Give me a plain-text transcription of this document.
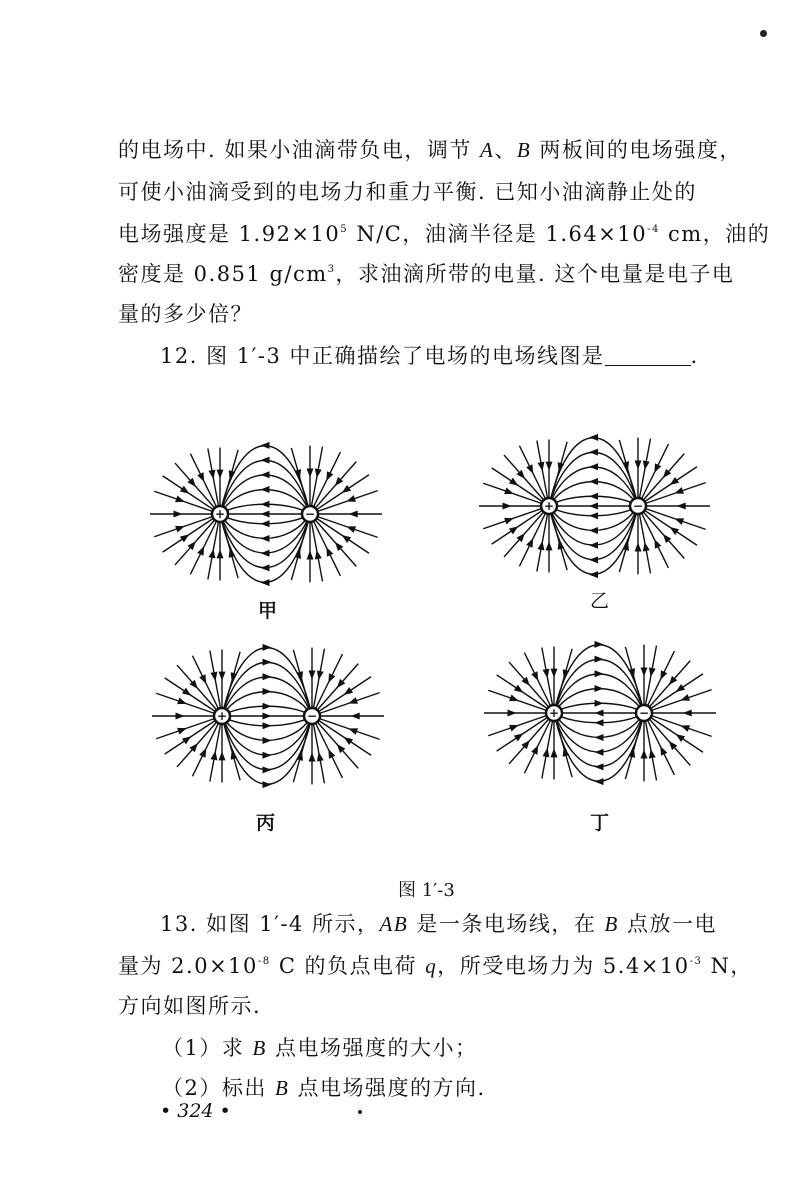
的电场中. 如果小油滴带负电，调节 A、B 两板间的电场强度，
可使小油滴受到的电场力和重力平衡. 已知小油滴静止处的
电场强度是 $1.92\times 10^5$ N/C，油滴半径是 $1.64\times 10^{-4}$ cm，油的
密度是 0.851 $g/cm^3$，求油滴所带的电量. 这个电量是电子电
量的多少倍？
12. 图 1′-3 中正确描绘了电场的电场线图是	.
+	−
甲
+	−
乙
+	−
丙
+	−
丁
图 1′-3
13. 如图 1′-4 所示，AB 是一条电场线，在 B 点放一电
量为 $2.0\times 10^{-8}$ C 的负点电荷 q，所受电场力为 $5.4\times 10^{-3}$ N，
方向如图所示.
（1）求 B 点电场强度的大小；
（2）标出 B 点电场强度的方向.
• 324 •
